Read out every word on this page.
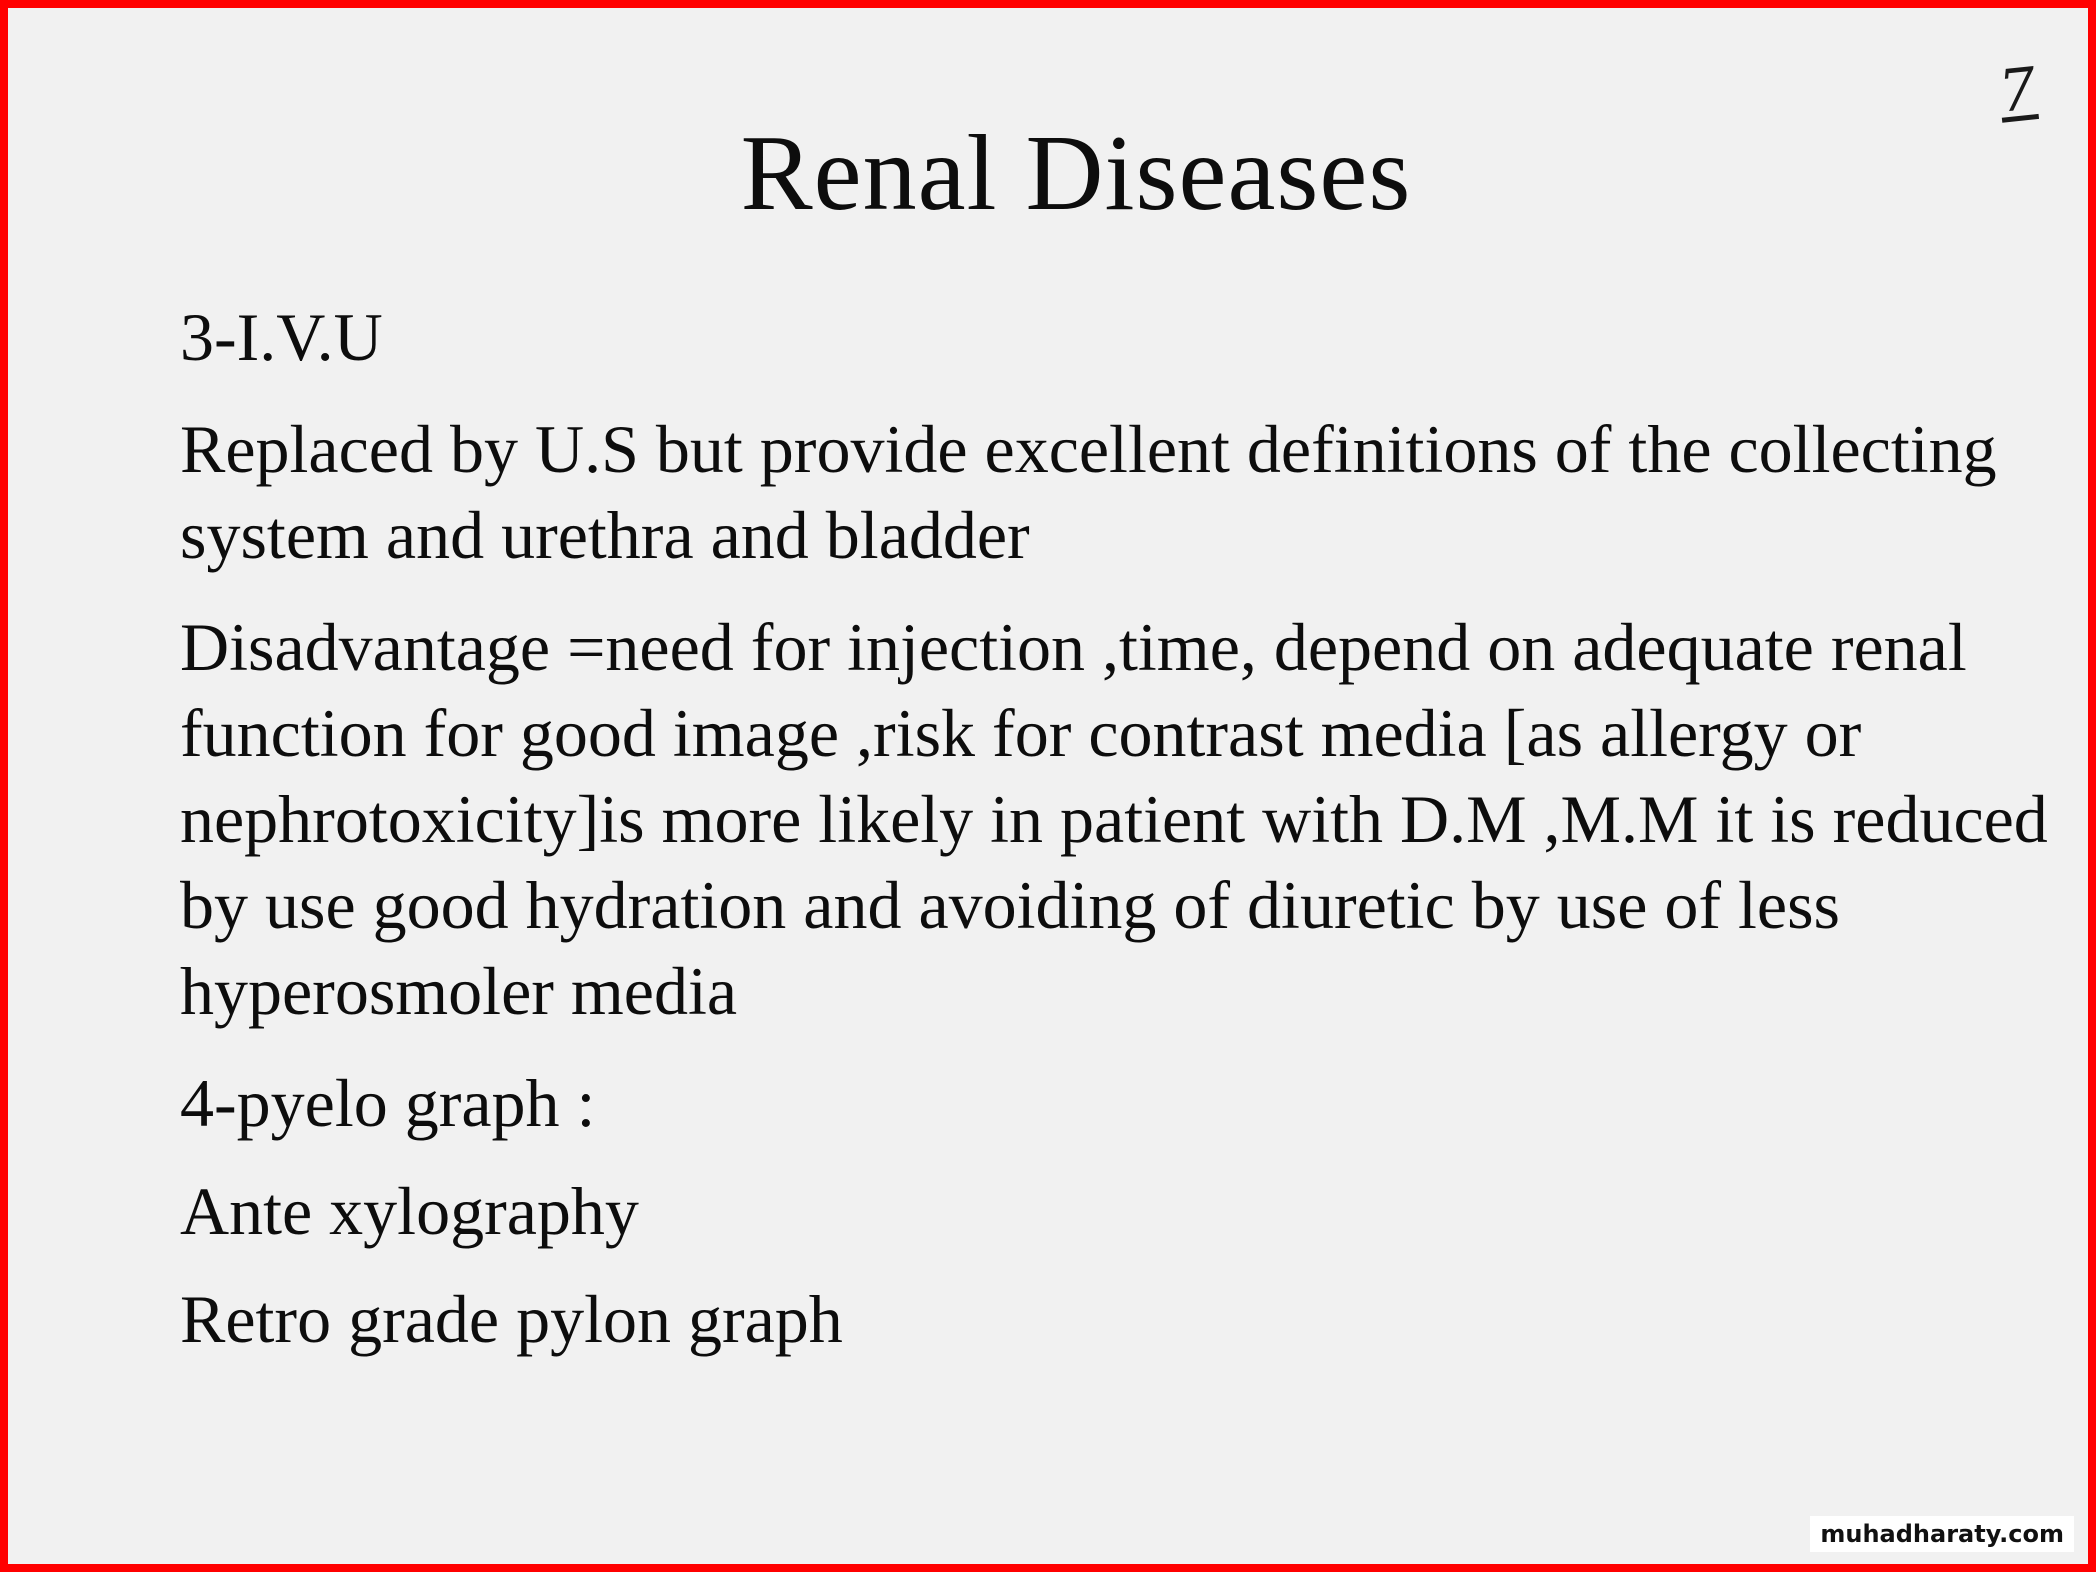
7
Renal Diseases

3-I.V.U

Replaced by U.S but provide excellent definitions of the collecting system and urethra and bladder

Disadvantage =need for injection ,time, depend on adequate renal function for good image ,risk for contrast media [as allergy or nephrotoxicity]is more likely in patient with D.M ,M.M it is reduced by use good hydration and avoiding of diuretic by use of less hyperosmoler media

4-pyelo graph :

Ante xylography

Retro grade pylon graph

muhadharaty.com
